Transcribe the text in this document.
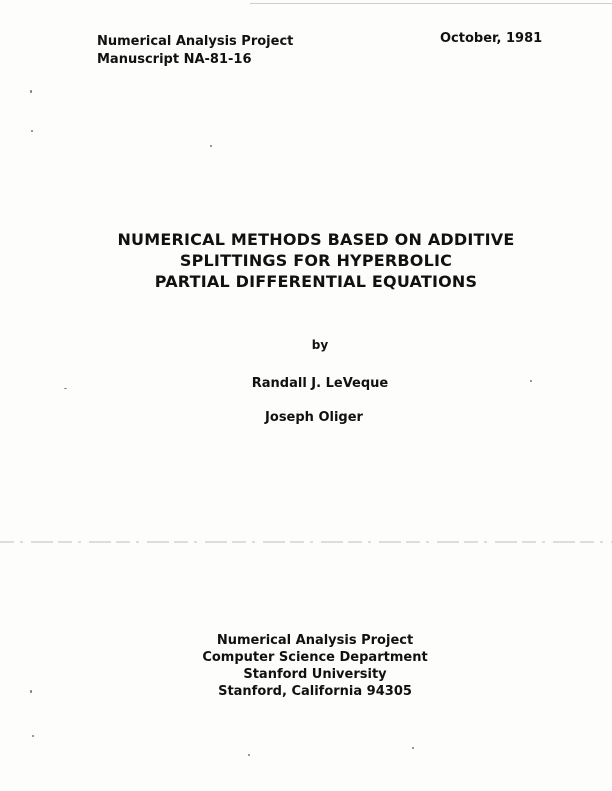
Numerical Analysis Project
Manuscript NA-81-16
October, 1981
NUMERICAL METHODS BASED ON ADDITIVE
SPLITTINGS FOR HYPERBOLIC
PARTIAL DIFFERENTIAL EQUATIONS
by
Randall J. LeVeque
Joseph Oliger
Numerical Analysis Project
Computer Science Department
Stanford University
Stanford, California 94305
